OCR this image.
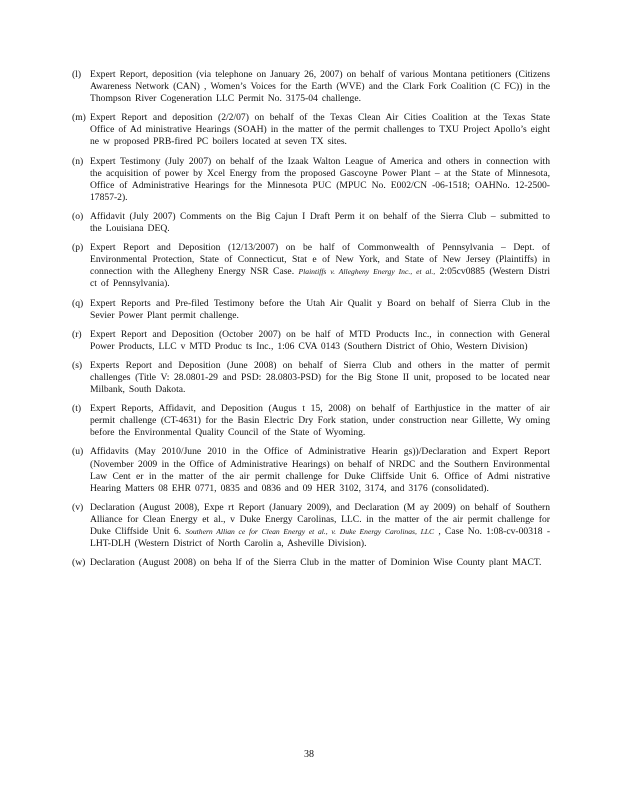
(l) Expert Report, deposition (via telephone on January 26, 2007) on behalf of various Montana petitioners (Citizens Awareness Network (CAN) , Women’s Voices for the Earth (WVE) and the Clark Fork Coalition (C FC)) in the Thompson River Cogeneration LLC Permit No. 3175-04 challenge.
(m) Expert Report and deposition (2/2/07) on behalf of the Texas Clean Air Cities Coalition at the Texas State Office of Ad ministrative Hearings (SOAH) in the matter of the permit challenges to TXU Project Apollo’s eight ne w proposed PRB-fired PC boilers located at seven TX sites.
(n) Expert Testimony (July 2007) on behalf of the Izaak Walton League of America and others in connection with the acquisition of power by Xcel Energy from the proposed Gascoyne Power Plant – at the State of Minnesota, Office of Administrative Hearings for the Minnesota PUC (MPUC No. E002/CN -06-1518; OAHNo. 12-2500-17857-2).
(o) Affidavit (July 2007) Comments on the Big Cajun I Draft Perm it on behalf of the Sierra Club – submitted to the Louisiana DEQ.
(p) Expert Report and Deposition (12/13/2007) on be half of Commonwealth of Pennsylvania – Dept. of Environmental Protection, State of Connecticut, Stat e of New York, and State of New Jersey (Plaintiffs) in connection with the Allegheny Energy NSR Case. Plaintiffs v. Allegheny Energy Inc., et al., 2:05cv0885 (Western Distri ct of Pennsylvania).
(q) Expert Reports and Pre-filed Testimony before the Utah Air Qualit y Board on behalf of Sierra Club in the Sevier Power Plant permit challenge.
(r) Expert Report and Deposition (October 2007) on be half of MTD Products Inc., in connection with General Power Products, LLC v MTD Produc ts Inc., 1:06 CVA 0143 (Southern District of Ohio, Western Division)
(s) Experts Report and Deposition (June 2008) on behalf of Sierra Club and others in the matter of permit challenges (Title V: 28.0801-29 and PSD: 28.0803-PSD) for the Big Stone II unit, proposed to be located near Milbank, South Dakota.
(t) Expert Reports, Affidavit, and Deposition (Augus t 15, 2008) on behalf of Earthjustice in the matter of air permit challenge (CT-4631) for the Basin Electric Dry Fork station, under construction near Gillette, Wy oming before the Environmental Quality Council of the State of Wyoming.
(u) Affidavits (May 2010/June 2010 in the Office of Administrative Hearin gs))/Declaration and Expert Report (November 2009 in the Office of Administrative Hearings) on behalf of NRDC and the Southern Environmental Law Cent er in the matter of the air permit challenge for Duke Cliffside Unit 6. Office of Admi nistrative Hearing Matters 08 EHR 0771, 0835 and 0836 and 09 HER 3102, 3174, and 3176 (consolidated).
(v) Declaration (August 2008), Expe rt Report (January 2009), and Declaration (M ay 2009) on behalf of Southern Alliance for Clean Energy et al., v Duke Energy Carolinas, LLC. in the matter of the air permit challenge for Duke Cliffside Unit 6. Southern Allian ce for Clean Energy et al., v. Duke Energy Carolinas, LLC , Case No. 1:08-cv-00318 -LHT-DLH (Western District of North Carolin a, Asheville Division).
(w) Declaration (August 2008) on beha lf of the Sierra Club in the matter of Dominion Wise County plant MACT.
38
